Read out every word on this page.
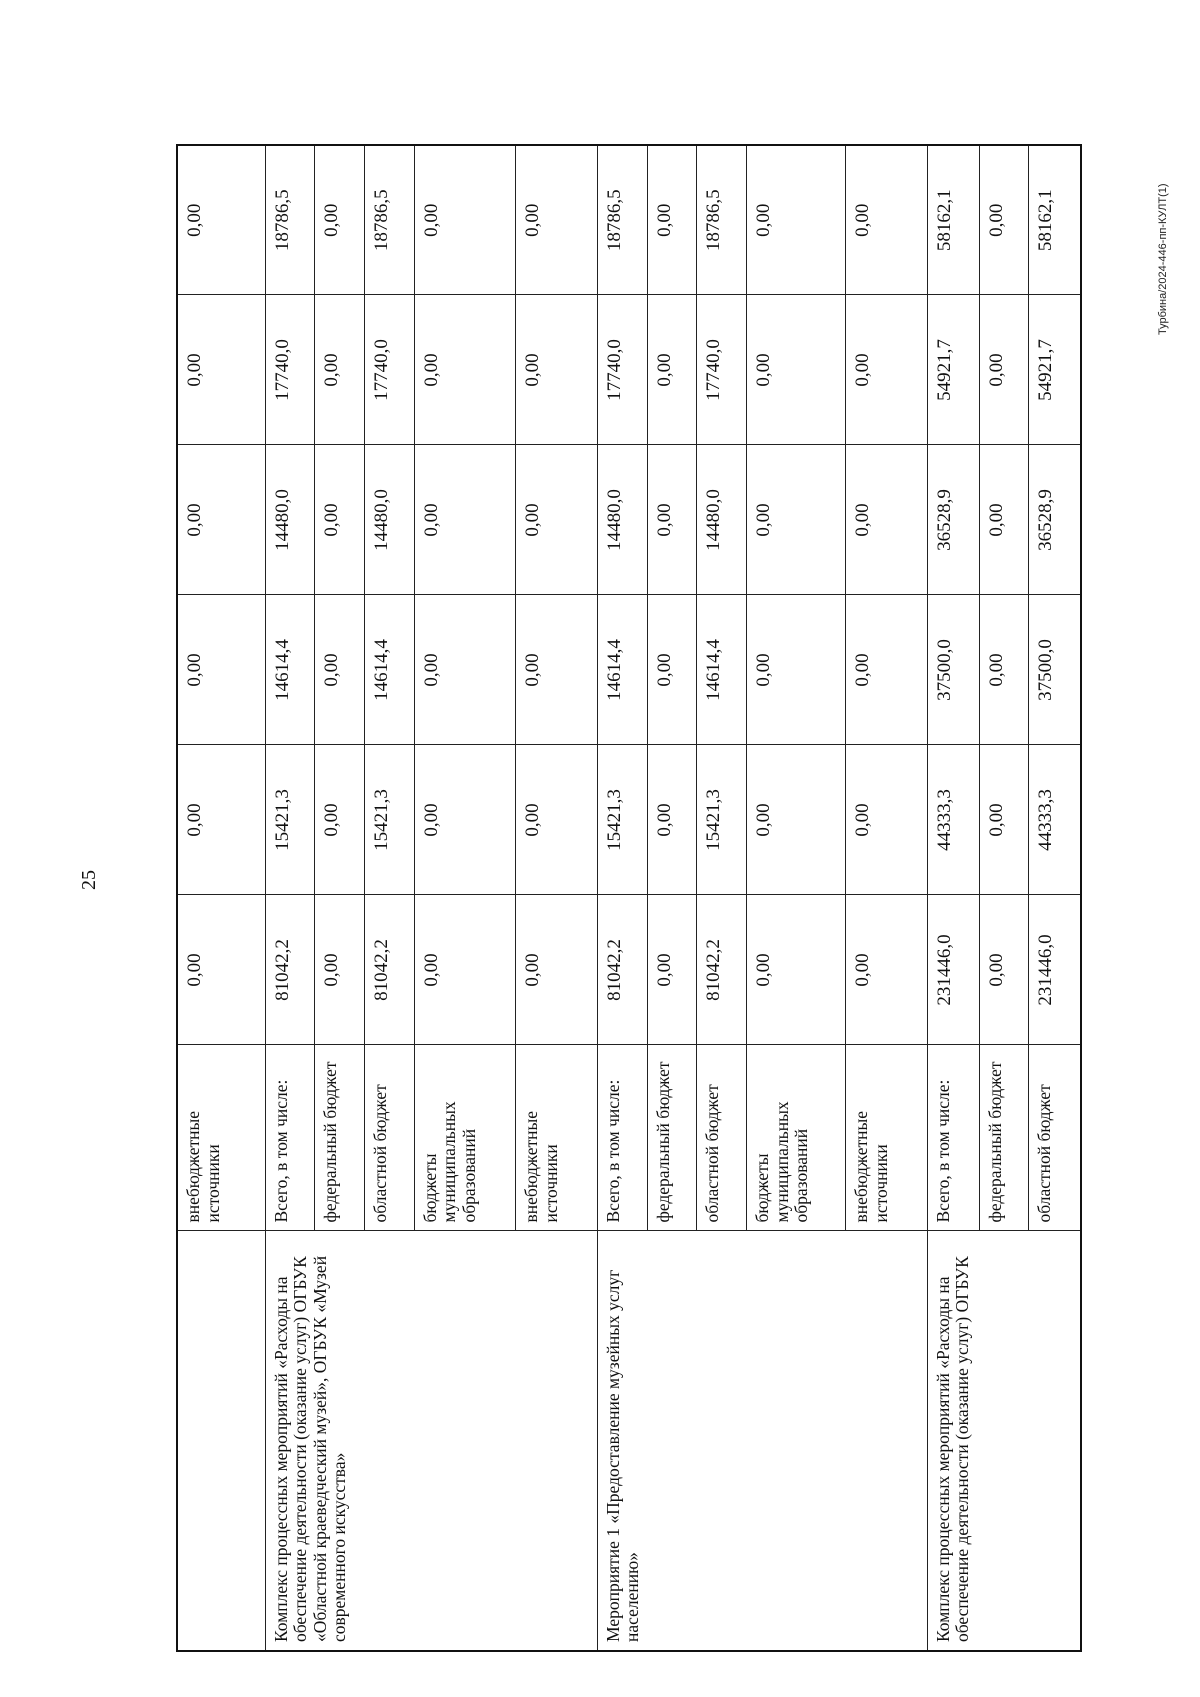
25
Турбина/2024-446-пп-КУЛТ(1)
	внебюджетные источники	0,00	0,00	0,00	0,00	0,00	0,00
Комплекс процессных мероприятий «Расходы на обеспечение деятельности (оказание услуг) ОГБУК «Областной краеведческий музей», ОГБУК «Музей современного искусства»	Всего, в том числе:	81042,2	15421,3	14614,4	14480,0	17740,0	18786,5
	федеральный бюджет	0,00	0,00	0,00	0,00	0,00	0,00
	областной бюджет	81042,2	15421,3	14614,4	14480,0	17740,0	18786,5
	бюджеты муниципальных образований	0,00	0,00	0,00	0,00	0,00	0,00
	внебюджетные источники	0,00	0,00	0,00	0,00	0,00	0,00
Мероприятие 1 «Предоставление музейных услуг населению»	Всего, в том числе:	81042,2	15421,3	14614,4	14480,0	17740,0	18786,5
	федеральный бюджет	0,00	0,00	0,00	0,00	0,00	0,00
	областной бюджет	81042,2	15421,3	14614,4	14480,0	17740,0	18786,5
	бюджеты муниципальных образований	0,00	0,00	0,00	0,00	0,00	0,00
	внебюджетные источники	0,00	0,00	0,00	0,00	0,00	0,00
Комплекс процессных мероприятий «Расходы на обеспечение деятельности (оказание услуг) ОГБУК	Всего, в том числе:	231446,0	44333,3	37500,0	36528,9	54921,7	58162,1
	федеральный бюджет	0,00	0,00	0,00	0,00	0,00	0,00
	областной бюджет	231446,0	44333,3	37500,0	36528,9	54921,7	58162,1
